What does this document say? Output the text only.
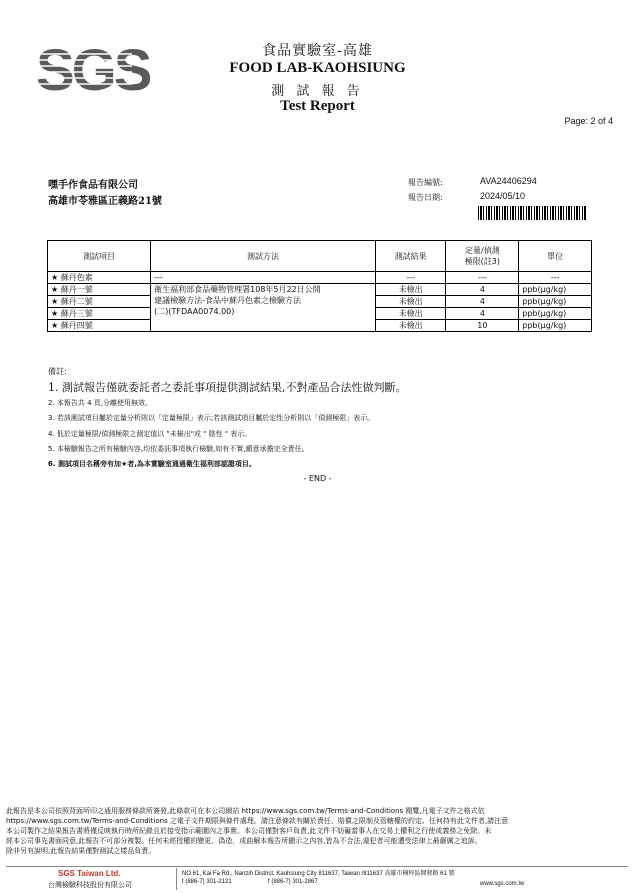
SGS	食品實驗室-高雄
FOOD LAB-KAOHSIUNG
測 試 報 告
Test Report
Page: 2 of 4
嘿手作食品有限公司
高雄市苓雅區正義路21號
報告編號:	AVA24406294
報告日期:	2024/05/10
測試項目	測試方法	測試結果	定量/偵測
極限(註3)	單位
★ 蘇丹色素	---	---	---	---
★ 蘇丹一號	衛生福利部食品藥物管理署108年5月22日公開
建議檢驗方法-食品中蘇丹色素之檢驗方法
(二)(TFDAA0074.00)	未檢出	4	ppb(μg/kg)
★ 蘇丹二號		未檢出	4	ppb(μg/kg)
★ 蘇丹三號		未檢出	4	ppb(μg/kg)
★ 蘇丹四號		未檢出	10	ppb(μg/kg)
備註:
1. 測試報告僅就委託者之委託事項提供測試結果,不對產品合法性做判斷。
2. 本報告共 4 頁,分離使用無效。
3. 若該測試項目屬於定量分析則以「定量極限」表示;若該測試項目屬於定性分析則以「偵測極限」表示。
4. 低於定量極限/偵測極限之測定值以 "未檢出"或 " 陰性 " 表示。
5. 本檢驗報告之所有檢驗內容,均依委託事項執行檢驗,如有不實,願意承擔完全責任。
6. 測試項目名稱旁有加★者,為本實驗室通過衛生福利部認證項目。
- END -
此報告是本公司依照背面所印之通用服務條款所簽發,此條款可在本公司網站 https://www.sgs.com.tw/Terms-and-Conditions 閱覽,凡電子文件之格式依
https://www.sgs.com.tw/Terms-and-Conditions 之電子文件期限與條件處理。請注意條款有關於責任、賠償之限制及管轄權的約定。任何持有此文件者,請注意
本公司製作之結果報告書將僅反映執行時所紀錄且於接受指示範圍內之事實。本公司僅對客戶負責,此文件不妨礙當事人在交易上權利之行使或義務之免除。未
經本公司事先書面同意,此報告不可部分複製。任何未經授權的變更、偽造、或曲解本報告所顯示之內容,皆為不合法,違犯者可能遭受法律上最嚴厲之追訴。
除非另有說明,此報告結果僅對測試之樣品負責。
SGS Taiwan Ltd.
台灣檢驗科技股份有限公司
NO.61, Kai Fa Rd., Nanzih District, Kaohsiung City 811637, Taiwan /811637 高雄市楠梓區開發路 61 號
t (886-7) 301-2121	f (886-7) 301-2867	www.sgs.com.tw
